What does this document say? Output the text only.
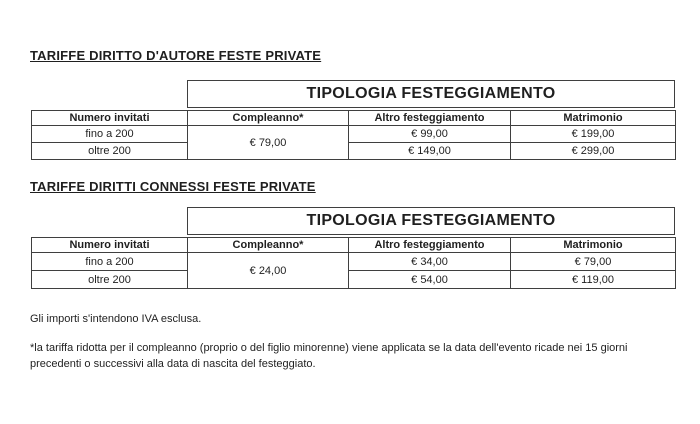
TARIFFE DIRITTO D'AUTORE FESTE PRIVATE
TIPOLOGIA FESTEGGIAMENTO
Numero invitati	Compleanno*	Altro festeggiamento	Matrimonio
fino a 200	€ 79,00	€ 99,00	€ 199,00
oltre 200		€ 149,00	€ 299,00
TARIFFE DIRITTI CONNESSI FESTE PRIVATE
TIPOLOGIA FESTEGGIAMENTO
Numero invitati	Compleanno*	Altro festeggiamento	Matrimonio
fino a 200	€ 24,00	€ 34,00	€ 79,00
oltre 200		€ 54,00	€ 119,00
Gli importi s'intendono IVA esclusa.
*la tariffa ridotta per il compleanno (proprio o del figlio minorenne) viene applicata se la data dell'evento ricade nei 15 giorni
precedenti o successivi alla data di nascita del festeggiato.
